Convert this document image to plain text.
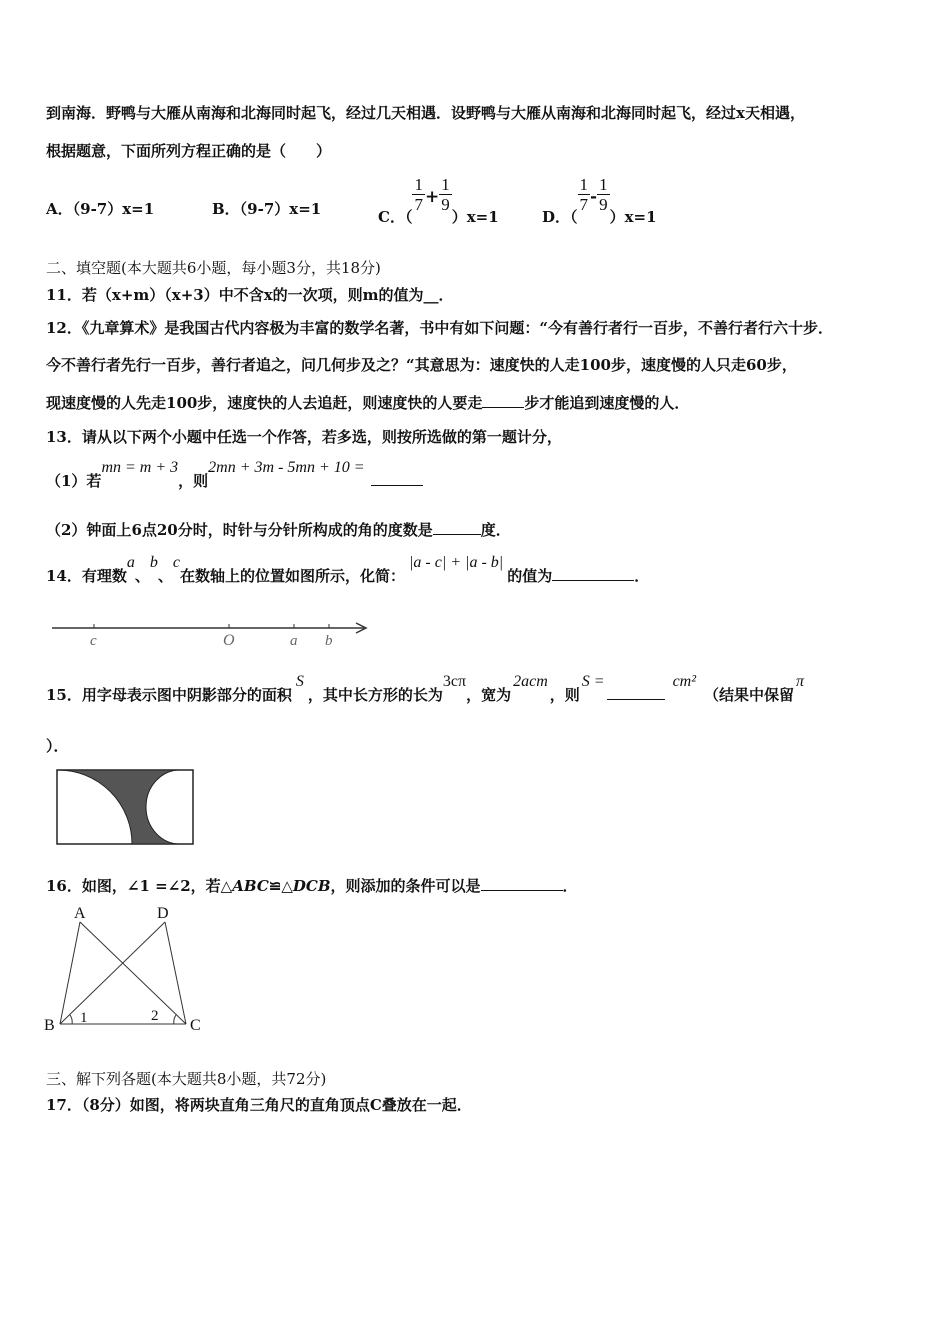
到南海．野鸭与大雁从南海和北海同时起飞，经过几天相遇．设野鸭与大雁从南海和北海同时起飞，经过x天相遇，
根据题意，下面所列方程正确的是（　　）
A．（9-7）x=1	B．（9-7）x=1	C．（
$\frac{1}{7} + \frac{1}{9}$
）x=1	D．（
$\frac{1}{7} - \frac{1}{9}$
）x=1
二、填空题(本大题共6小题，每小题3分，共18分)
11．若（x+m）（x+3）中不含x的一次项，则m的值为__．
12．《九章算术》是我国古代内容极为丰富的数学名著，书中有如下问题：“今有善行者行一百步，不善行者行六十步．
今不善行者先行一百步，善行者追之，问几何步及之？“其意思为：速度快的人走100步，速度慢的人只走60步，
现速度慢的人先走100步，速度快的人去追赶，则速度快的人要走	步才能追到速度慢的人．
13．请从以下两个小题中任选一个作答，若多选，则按所选做的第一题计分，
（1）若mn = m + 3，则2mn + 3m - 5mn + 10 =
（2）钟面上6点20分时，时针与分针所构成的角的度数是	度．
14．有理数a、b、c在数轴上的位置如图所示，化简：|a - c| + |a - b|的值为	．
c	O	a b
15．用字母表示图中阴影部分的面积S，其中长方形的长为3cπ，宽为2acm，则S =	cm²（结果中保留π
）．
16．如图，∠1 =∠2，若△ABC≌△DCB，则添加的条件可以是	．
A	D
B	C
1	2
三、解下列各题(本大题共8小题，共72分)
17．（8分）如图，将两块直角三角尺的直角顶点C叠放在一起．
